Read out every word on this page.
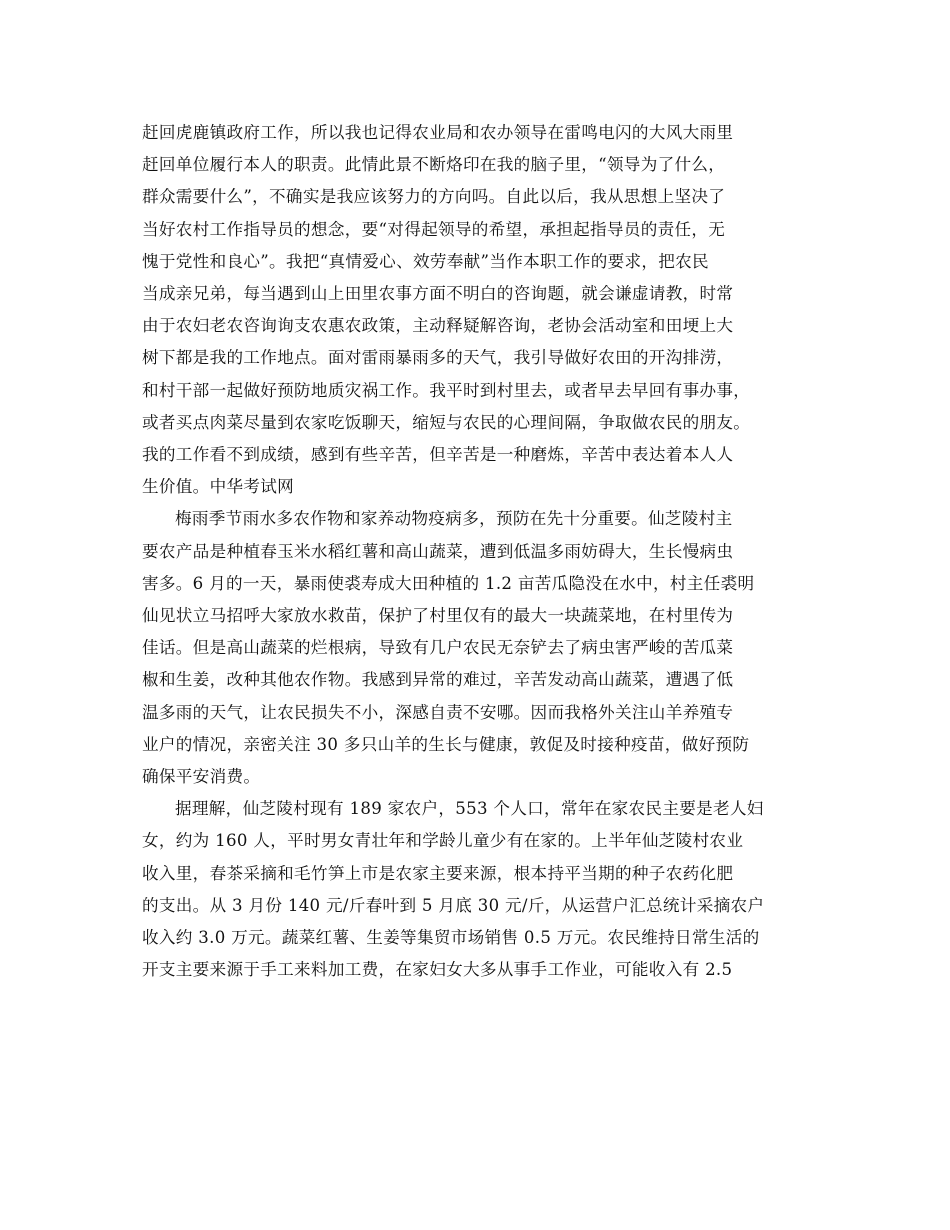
赶回虎鹿镇政府工作，所以我也记得农业局和农办领导在雷鸣电闪的大风大雨里
赶回单位履行本人的职责。此情此景不断烙印在我的脑子里，“领导为了什么，
群众需要什么”，不确实是我应该努力的方向吗。自此以后，我从思想上坚决了
当好农村工作指导员的想念，要“对得起领导的希望，承担起指导员的责任，无
愧于党性和良心”。我把“真情爱心、效劳奉献”当作本职工作的要求，把农民
当成亲兄弟，每当遇到山上田里农事方面不明白的咨询题，就会谦虚请教，时常
由于农妇老农咨询询支农惠农政策，主动释疑解咨询，老协会活动室和田埂上大
树下都是我的工作地点。面对雷雨暴雨多的天气，我引导做好农田的开沟排涝，
和村干部一起做好预防地质灾祸工作。我平时到村里去，或者早去早回有事办事，
或者买点肉菜尽量到农家吃饭聊天，缩短与农民的心理间隔，争取做农民的朋友。
我的工作看不到成绩，感到有些辛苦，但辛苦是一种磨炼，辛苦中表达着本人人
生价值。中华考试网

梅雨季节雨水多农作物和家养动物疫病多，预防在先十分重要。仙芝陵村主
要农产品是种植春玉米水稻红薯和高山蔬菜，遭到低温多雨妨碍大，生长慢病虫
害多。6 月的一天，暴雨使裘寿成大田种植的 1.2 亩苦瓜隐没在水中，村主任裘明
仙见状立马招呼大家放水救苗，保护了村里仅有的最大一块蔬菜地，在村里传为
佳话。但是高山蔬菜的烂根病，导致有几户农民无奈铲去了病虫害严峻的苦瓜菜
椒和生姜，改种其他农作物。我感到异常的难过，辛苦发动高山蔬菜，遭遇了低
温多雨的天气，让农民损失不小，深感自责不安哪。因而我格外关注山羊养殖专
业户的情况，亲密关注 30 多只山羊的生长与健康，敦促及时接种疫苗，做好预防
确保平安消费。

据理解，仙芝陵村现有 189 家农户，553 个人口，常年在家农民主要是老人妇
女，约为 160 人，平时男女青壮年和学龄儿童少有在家的。上半年仙芝陵村农业
收入里，春茶采摘和毛竹笋上市是农家主要来源，根本持平当期的种子农药化肥
的支出。从 3 月份 140 元/斤春叶到 5 月底 30 元/斤，从运营户汇总统计采摘农户
收入约 3.0 万元。蔬菜红薯、生姜等集贸市场销售 0.5 万元。农民维持日常生活的
开支主要来源于手工来料加工费，在家妇女大多从事手工作业，可能收入有 2.5
